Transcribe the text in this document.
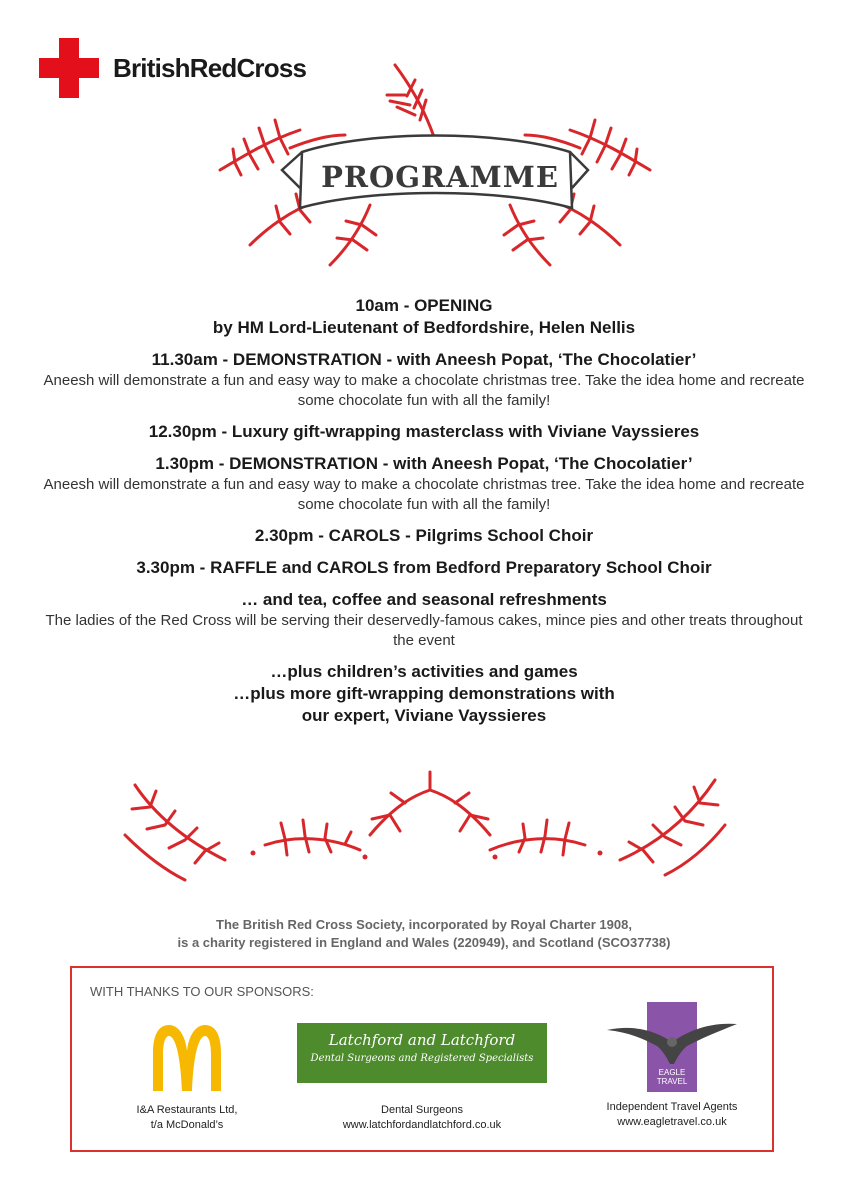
BritishRedCross
PROGRAMME
10am - OPENING
by HM Lord-Lieutenant of Bedfordshire, Helen Nellis
11.30am - DEMONSTRATION - with Aneesh Popat, ‘The Chocolatier’
Aneesh will demonstrate a fun and easy way to make a chocolate christmas tree. Take the idea home and recreate some chocolate fun with all the family!
12.30pm - Luxury gift-wrapping masterclass with Viviane Vayssieres
1.30pm - DEMONSTRATION - with Aneesh Popat, ‘The Chocolatier’
Aneesh will demonstrate a fun and easy way to make a chocolate christmas tree. Take the idea home and recreate some chocolate fun with all the family!
2.30pm - CAROLS - Pilgrims School Choir
3.30pm - RAFFLE and CAROLS from Bedford Preparatory School Choir
… and tea, coffee and seasonal refreshments
The ladies of the Red Cross will be serving their deservedly-famous cakes, mince pies and other treats throughout the event
…plus children’s activities and games
…plus more gift-wrapping demonstrations with
our expert, Viviane Vayssieres
The British Red Cross Society, incorporated by Royal Charter 1908,
is a charity registered in England and Wales (220949), and Scotland (SCO37738)
WITH THANKS TO OUR SPONSORS:
I&A Restaurants Ltd,
t/a McDonald’s
Latchford and Latchford
Dental Surgeons and Registered Specialists
Dental Surgeons
www.latchfordandlatchford.co.uk
EAGLE
TRAVEL
Independent Travel Agents
www.eagletravel.co.uk
